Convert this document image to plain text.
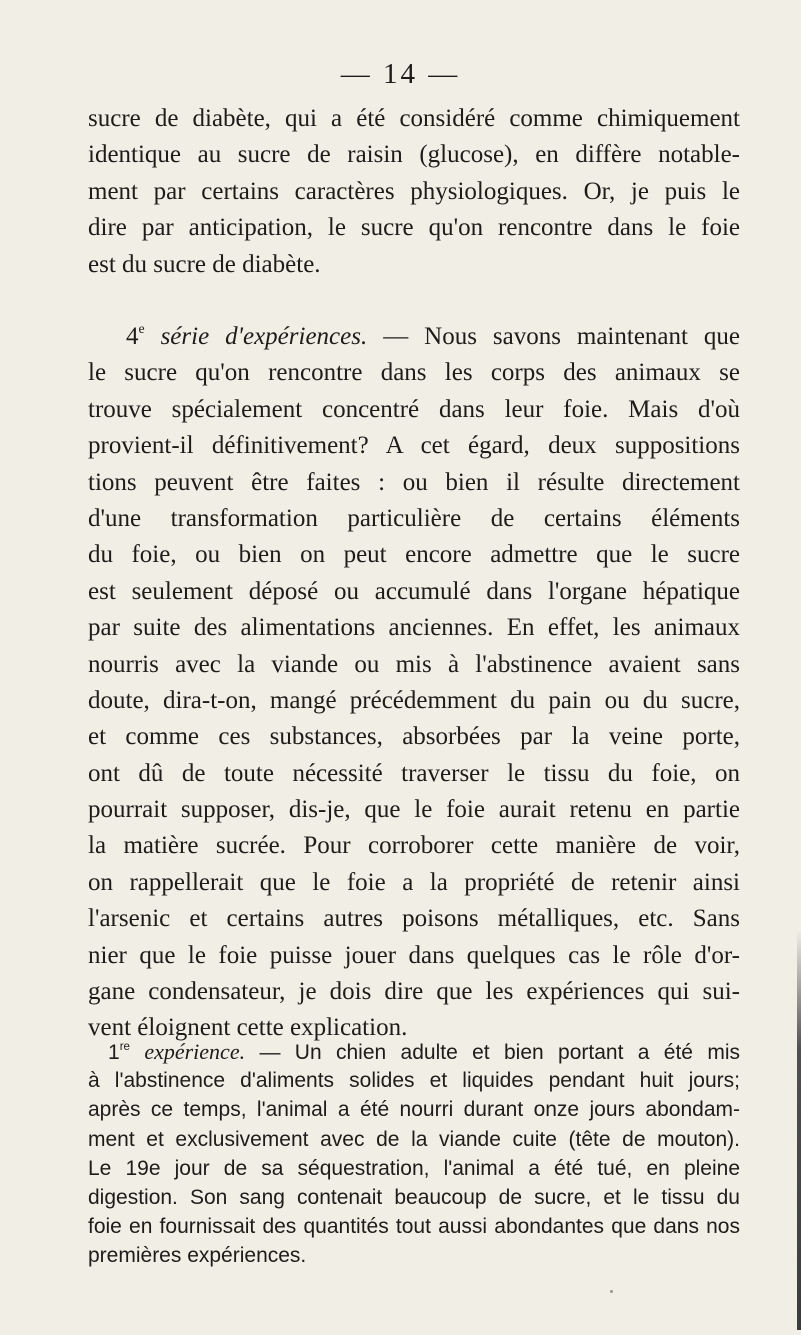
— 14 —
sucre de diabète, qui a été considéré comme chimiquement
identique au sucre de raisin (glucose), en diffère notable-
ment par certains caractères physiologiques. Or, je puis le
dire par anticipation, le sucre qu'on rencontre dans le foie
est du sucre de diabète.
4e série d'expériences. — Nous savons maintenant que
le sucre qu'on rencontre dans les corps des animaux se
trouve spécialement concentré dans leur foie. Mais d'où
provient-il définitivement? A cet égard, deux suppositions
tions peuvent être faites : ou bien il résulte directement
d'une transformation particulière de certains éléments
du foie, ou bien on peut encore admettre que le sucre
est seulement déposé ou accumulé dans l'organe hépatique
par suite des alimentations anciennes. En effet, les animaux
nourris avec la viande ou mis à l'abstinence avaient sans
doute, dira-t-on, mangé précédemment du pain ou du sucre,
et comme ces substances, absorbées par la veine porte,
ont dû de toute nécessité traverser le tissu du foie, on
pourrait supposer, dis-je, que le foie aurait retenu en partie
la matière sucrée. Pour corroborer cette manière de voir,
on rappellerait que le foie a la propriété de retenir ainsi
l'arsenic et certains autres poisons métalliques, etc. Sans
nier que le foie puisse jouer dans quelques cas le rôle d'or-
gane condensateur, je dois dire que les expériences qui sui-
vent éloignent cette explication.
1re expérience. — Un chien adulte et bien portant a été mis
à l'abstinence d'aliments solides et liquides pendant huit jours;
après ce temps, l'animal a été nourri durant onze jours abondam-
ment et exclusivement avec de la viande cuite (tête de mouton).
Le 19e jour de sa séquestration, l'animal a été tué, en pleine
digestion. Son sang contenait beaucoup de sucre, et le tissu du
foie en fournissait des quantités tout aussi abondantes que dans nos
premières expériences.
